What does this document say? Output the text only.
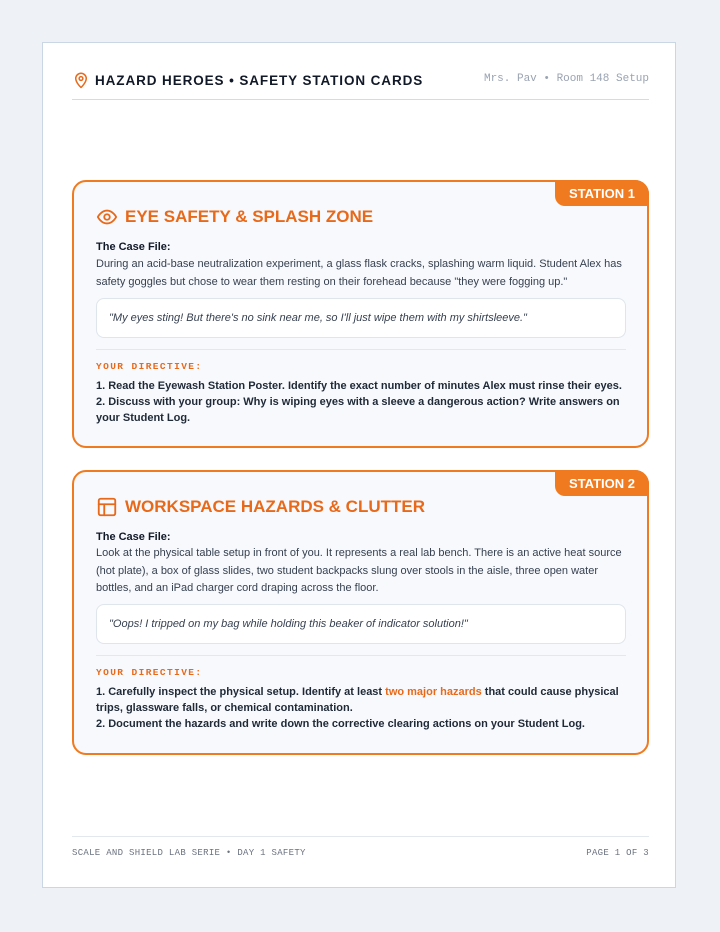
HAZARD HEROES • SAFETY STATION CARDS	Mrs. Pav • Room 148 Setup
STATION 1
EYE SAFETY & SPLASH ZONE
The Case File:
During an acid-base neutralization experiment, a glass flask cracks, splashing warm liquid. Student Alex has safety goggles but chose to wear them resting on their forehead because "they were fogging up."
"My eyes sting! But there's no sink near me, so I'll just wipe them with my shirtsleeve."
YOUR DIRECTIVE:
1. Read the Eyewash Station Poster. Identify the exact number of minutes Alex must rinse their eyes.
2. Discuss with your group: Why is wiping eyes with a sleeve a dangerous action? Write answers on your Student Log.
STATION 2
WORKSPACE HAZARDS & CLUTTER
The Case File:
Look at the physical table setup in front of you. It represents a real lab bench. There is an active heat source (hot plate), a box of glass slides, two student backpacks slung over stools in the aisle, three open water bottles, and an iPad charger cord draping across the floor.
"Oops! I tripped on my bag while holding this beaker of indicator solution!"
YOUR DIRECTIVE:
1. Carefully inspect the physical setup. Identify at least two major hazards that could cause physical trips, glassware falls, or chemical contamination.
2. Document the hazards and write down the corrective clearing actions on your Student Log.
SCALE AND SHIELD LAB SERIE • DAY 1 SAFETY	PAGE 1 OF 3
